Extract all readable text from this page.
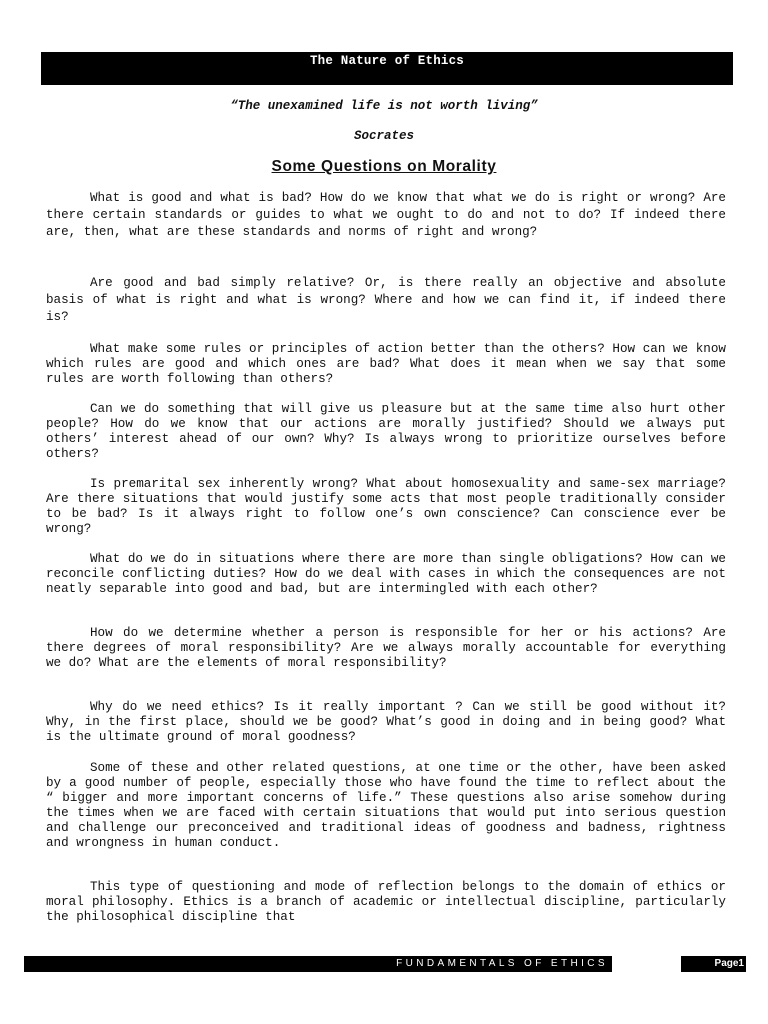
The Nature of Ethics
“The unexamined life is not worth living”
Socrates
Some Questions on Morality

What is good and what is bad? How do we know that what we do is right or wrong? Are there certain standards or guides to what we ought to do and not to do? If indeed there are, then, what are these standards and norms of right and wrong?

Are good and bad simply relative? Or, is there really an objective and absolute basis of what is right and what is wrong? Where and how we can find it, if indeed there is?

What make some rules or principles of action better than the others? How can we know which rules are good and which ones are bad? What does it mean when we say that some rules are worth following than others?

Can we do something that will give us pleasure but at the same time also hurt other people? How do we know that our actions are morally justified? Should we always put others’ interest ahead of our own? Why? Is always wrong to prioritize ourselves before others?

Is premarital sex inherently wrong? What about homosexuality and same-sex marriage? Are there situations that would justify some acts that most people traditionally consider to be bad? Is it always right to follow one’s own conscience? Can conscience ever be wrong?

What do we do in situations where there are more than single obligations? How can we reconcile conflicting duties? How do we deal with cases in which the consequences are not neatly separable into good and bad, but are intermingled with each other?

How do we determine whether a person is responsible for her or his actions? Are there degrees of moral responsibility? Are we always morally accountable for everything we do? What are the elements of moral responsibility?

Why do we need ethics? Is it really important ? Can we still be good without it? Why, in the first place, should we be good? What’s good in doing and in being good? What is the ultimate ground of moral goodness?

Some of these and other related questions, at one time or the other, have been asked by a good number of people, especially those who have found the time to reflect about the “ bigger and more important concerns of life.” These questions also arise somehow during the times when we are faced with certain situations that would put into serious question and challenge our preconceived and traditional ideas of goodness and badness, rightness and wrongness in human conduct.

This type of questioning and mode of reflection belongs to the domain of ethics or moral philosophy. Ethics is a branch of academic or intellectual discipline, particularly the philosophical discipline that

FUNDAMENTALS OF ETHICS	Page1
